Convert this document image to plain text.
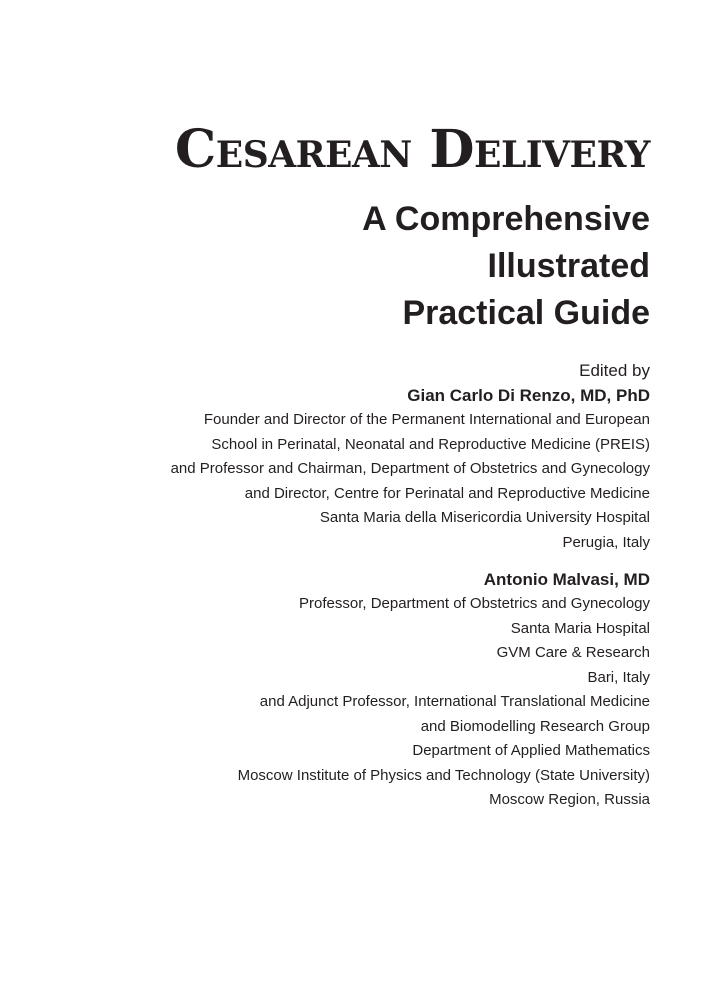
Cesarean Delivery
A Comprehensive
Illustrated
Practical Guide
Edited by
Gian Carlo Di Renzo, MD, PhD
Founder and Director of the Permanent International and European
School in Perinatal, Neonatal and Reproductive Medicine (PREIS)
and Professor and Chairman, Department of Obstetrics and Gynecology
and Director, Centre for Perinatal and Reproductive Medicine
Santa Maria della Misericordia University Hospital
Perugia, Italy
Antonio Malvasi, MD
Professor, Department of Obstetrics and Gynecology
Santa Maria Hospital
GVM Care & Research
Bari, Italy
and Adjunct Professor, International Translational Medicine
and Biomodelling Research Group
Department of Applied Mathematics
Moscow Institute of Physics and Technology (State University)
Moscow Region, Russia
